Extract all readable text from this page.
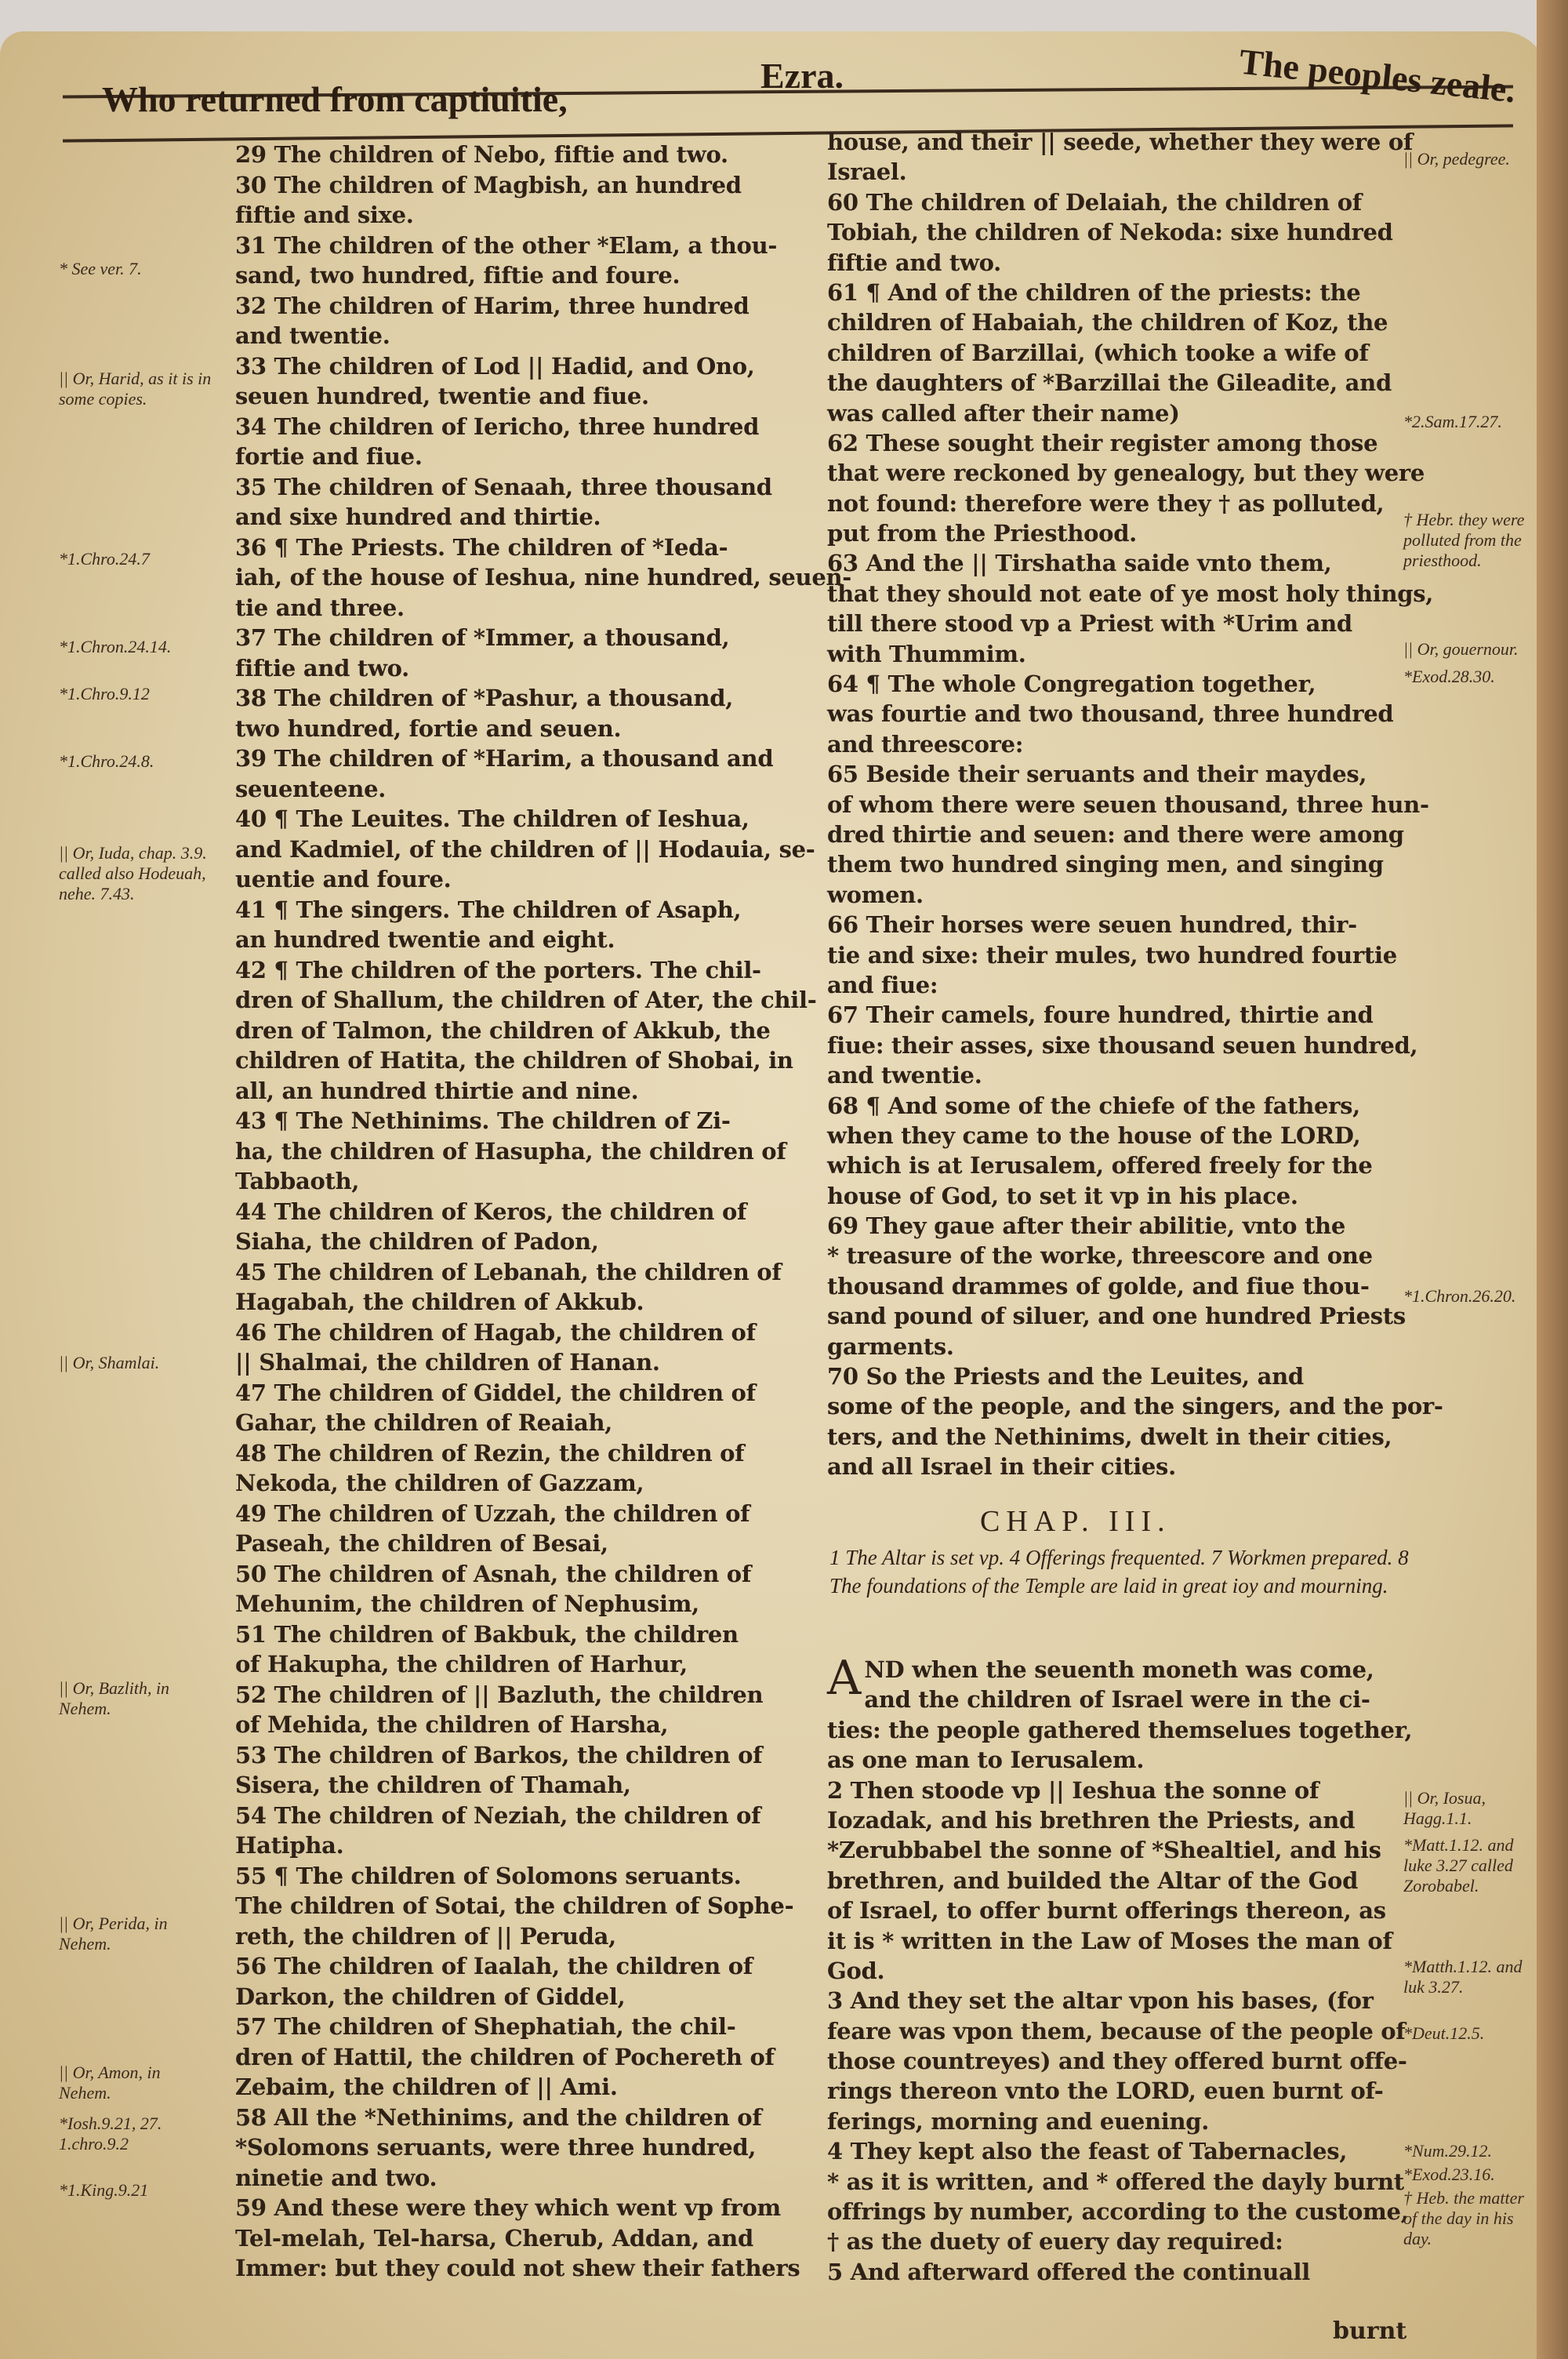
Who returned from captiuitie,
Ezra.	The peoples zeale.
29 The children of Nebo, fiftie and two.
30 The children of Magbish, an hundred
fiftie and sixe.
31 The children of the other *Elam, a thou-
sand, two hundred, fiftie and foure.
32 The children of Harim, three hundred
and twentie.
33 The children of Lod || Hadid, and Ono,
seuen hundred, twentie and fiue.
34 The children of Iericho, three hundred
fortie and fiue.
35 The children of Senaah, three thousand
and sixe hundred and thirtie.
36 ¶ The Priests. The children of *Ieda-
iah, of the house of Ieshua, nine hundred, seuen-
tie and three.
37 The children of *Immer, a thousand,
fiftie and two.
38 The children of *Pashur, a thousand,
two hundred, fortie and seuen.
39 The children of *Harim, a thousand and
seuenteene.
40 ¶ The Leuites. The children of Ieshua,
and Kadmiel, of the children of || Hodauia, se-
uentie and foure.
41 ¶ The singers. The children of Asaph,
an hundred twentie and eight.
42 ¶ The children of the porters. The chil-
dren of Shallum, the children of Ater, the chil-
dren of Talmon, the children of Akkub, the
children of Hatita, the children of Shobai, in
all, an hundred thirtie and nine.
43 ¶ The Nethinims. The children of Zi-
ha, the children of Hasupha, the children of
Tabbaoth,
44 The children of Keros, the children of
Siaha, the children of Padon,
45 The children of Lebanah, the children of
Hagabah, the children of Akkub.
46 The children of Hagab, the children of
|| Shalmai, the children of Hanan.
47 The children of Giddel, the children of
Gahar, the children of Reaiah,
48 The children of Rezin, the children of
Nekoda, the children of Gazzam,
49 The children of Uzzah, the children of
Paseah, the children of Besai,
50 The children of Asnah, the children of
Mehunim, the children of Nephusim,
51 The children of Bakbuk, the children
of Hakupha, the children of Harhur,
52 The children of || Bazluth, the children
of Mehida, the children of Harsha,
53 The children of Barkos, the children of
Sisera, the children of Thamah,
54 The children of Neziah, the children of
Hatipha.
55 ¶ The children of Solomons seruants.
The children of Sotai, the children of Sophe-
reth, the children of || Peruda,
56 The children of Iaalah, the children of
Darkon, the children of Giddel,
57 The children of Shephatiah, the chil-
dren of Hattil, the children of Pochereth of
Zebaim, the children of || Ami.
58 All the *Nethinims, and the children of
*Solomons seruants, were three hundred,
ninetie and two.
59 And these were they which went vp from
Tel-melah, Tel-harsa, Cherub, Addan, and
Immer: but they could not shew their fathers
house, and their || seede, whether they were of
Israel.
60 The children of Delaiah, the children of
Tobiah, the children of Nekoda: sixe hundred
fiftie and two.
61 ¶ And of the children of the priests: the
children of Habaiah, the children of Koz, the
children of Barzillai, (which tooke a wife of
the daughters of *Barzillai the Gileadite, and
was called after their name)
62 These sought their register among those
that were reckoned by genealogy, but they were
not found: therefore were they † as polluted,
put from the Priesthood.
63 And the || Tirshatha saide vnto them,
that they should not eate of ye most holy things,
till there stood vp a Priest with *Urim and
with Thummim.
64 ¶ The whole Congregation together,
was fourtie and two thousand, three hundred
and threescore:
65 Beside their seruants and their maydes,
of whom there were seuen thousand, three hun-
dred thirtie and seuen: and there were among
them two hundred singing men, and singing
women.
66 Their horses were seuen hundred, thir-
tie and sixe: their mules, two hundred fourtie
and fiue:
67 Their camels, foure hundred, thirtie and
fiue: their asses, sixe thousand seuen hundred,
and twentie.
68 ¶ And some of the chiefe of the fathers,
when they came to the house of the LORD,
which is at Ierusalem, offered freely for the
house of God, to set it vp in his place.
69 They gaue after their abilitie, vnto the
* treasure of the worke, threescore and one
thousand drammes of golde, and fiue thou-
sand pound of siluer, and one hundred Priests
garments.
70 So the Priests and the Leuites, and
some of the people, and the singers, and the por-
ters, and the Nethinims, dwelt in their cities,
and all Israel in their cities.
CHAP. III.
1 The Altar is set vp. 4 Offerings frequented. 7 Workmen prepared. 8 The foundations of the Temple are laid in great ioy and mourning.
A ND when the seuenth moneth was come,
and the children of Israel were in the ci-
ties: the people gathered themselues together,
as one man to Ierusalem.
2 Then stoode vp || Ieshua the sonne of
Iozadak, and his brethren the Priests, and
*Zerubbabel the sonne of *Shealtiel, and his
brethren, and builded the Altar of the God
of Israel, to offer burnt offerings thereon, as
it is * written in the Law of Moses the man of
God.
3 And they set the altar vpon his bases, (for
feare was vpon them, because of the people of
those countreyes) and they offered burnt offe-
rings thereon vnto the LORD, euen burnt of-
ferings, morning and euening.
4 They kept also the feast of Tabernacles,
* as it is written, and * offered the dayly burnt
offrings by number, according to the custome,
† as the duety of euery day required:
5 And afterward offered the continuall
burnt
* See ver. 7.
|| Or, Harid, as it is in some copies.
*1.Chro.24.7
*1.Chron.24.14.
*1.Chro.9.12
*1.Chro.24.8.
|| Or, Iuda, chap. 3.9. called also Hodeuah, nehe. 7.43.
|| Or, Shamlai.
|| Or, Bazlith, in Nehem.
|| Or, Perida, in Nehem.
|| Or, Amon, in Nehem.
*Iosh.9.21, 27. 1.chro.9.2
*1.King.9.21
|| Or, pedegree.
*2.Sam.17.27.
† Hebr. they were polluted from the priesthood.
|| Or, gouernour.
*Exod.28.30.
*1.Chron.26.20.
|| Or, Iosua, Hagg.1.1.
*Matt.1.12. and luke 3.27 called Zorobabel.
*Matth.1.12. and luk 3.27.
*Deut.12.5.
*Num.29.12.
*Exod.23.16.
† Heb. the matter of the day in his day.
